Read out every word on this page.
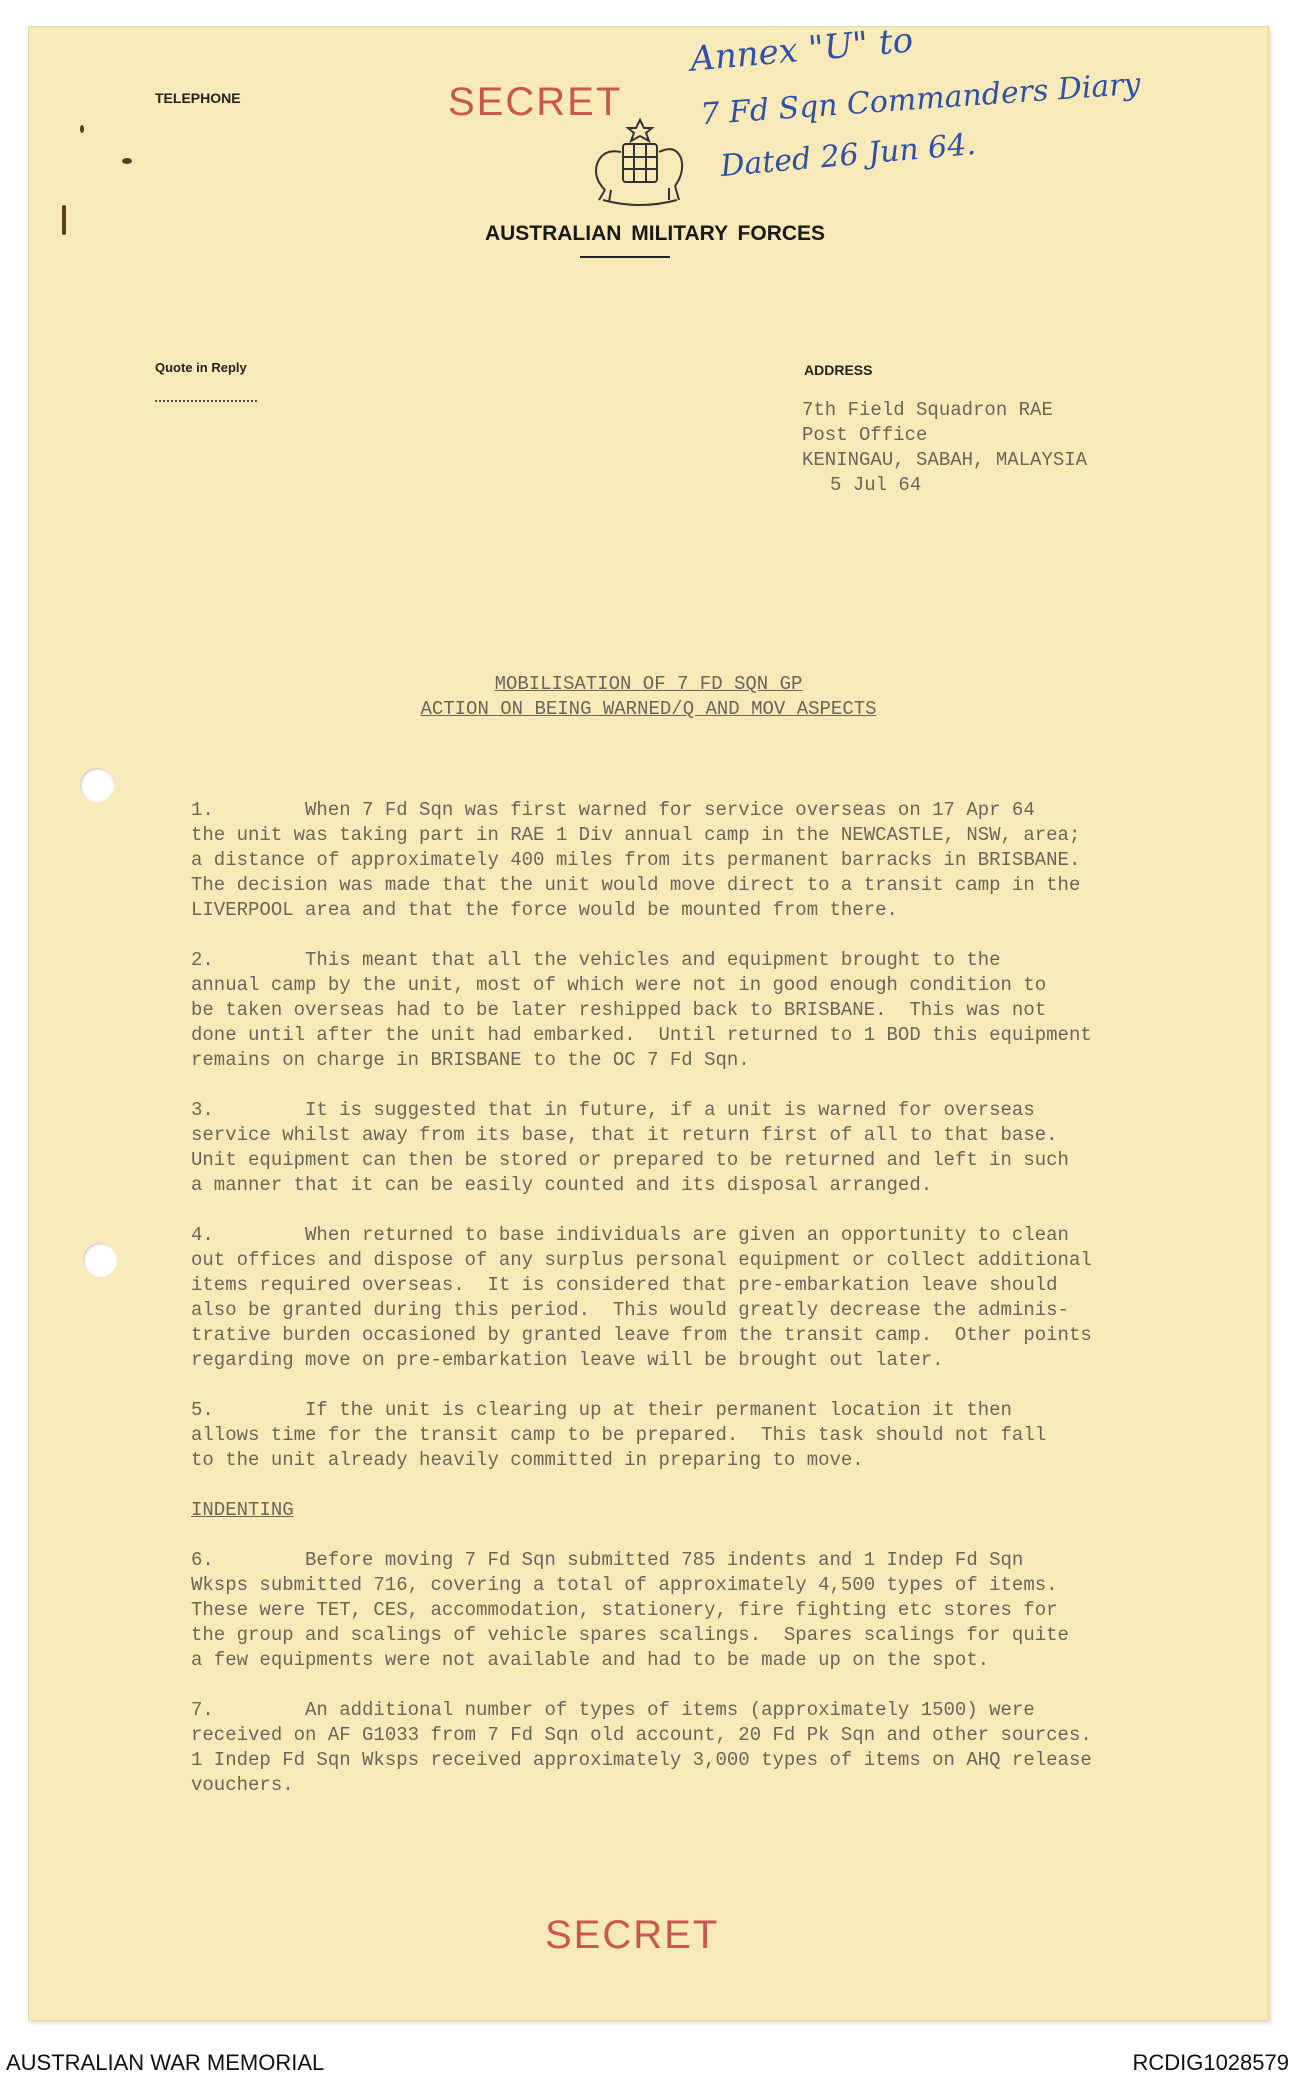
TELEPHONE	SECRET
AUSTRALIAN MILITARY FORCES
Annex "U" to
7 Fd Sqn Commanders Diary
Dated 26 Jun 64.
Quote in Reply	ADDRESS
7th Field Squadron RAE
Post Office
KENINGAU, SABAH, MALAYSIA
5 Jul 64
MOBILISATION OF 7 FD SQN GP
ACTION ON BEING WARNED/Q AND MOV ASPECTS
1.        When 7 Fd Sqn was first warned for service overseas on 17 Apr 64
the unit was taking part in RAE 1 Div annual camp in the NEWCASTLE, NSW, area;
a distance of approximately 400 miles from its permanent barracks in BRISBANE.
The decision was made that the unit would move direct to a transit camp in the
LIVERPOOL area and that the force would be mounted from there.
2.        This meant that all the vehicles and equipment brought to the
annual camp by the unit, most of which were not in good enough condition to
be taken overseas had to be later reshipped back to BRISBANE.  This was not
done until after the unit had embarked.  Until returned to 1 BOD this equipment
remains on charge in BRISBANE to the OC 7 Fd Sqn.
3.        It is suggested that in future, if a unit is warned for overseas
service whilst away from its base, that it return first of all to that base.
Unit equipment can then be stored or prepared to be returned and left in such
a manner that it can be easily counted and its disposal arranged.
4.        When returned to base individuals are given an opportunity to clean
out offices and dispose of any surplus personal equipment or collect additional
items required overseas.  It is considered that pre-embarkation leave should
also be granted during this period.  This would greatly decrease the adminis-
trative burden occasioned by granted leave from the transit camp.  Other points
regarding move on pre-embarkation leave will be brought out later.
5.        If the unit is clearing up at their permanent location it then
allows time for the transit camp to be prepared.  This task should not fall
to the unit already heavily committed in preparing to move.
INDENTING
6.        Before moving 7 Fd Sqn submitted 785 indents and 1 Indep Fd Sqn
Wksps submitted 716, covering a total of approximately 4,500 types of items.
These were TET, CES, accommodation, stationery, fire fighting etc stores for
the group and scalings of vehicle spares scalings.  Spares scalings for quite
a few equipments were not available and had to be made up on the spot.
7.        An additional number of types of items (approximately 1500) were
received on AF G1033 from 7 Fd Sqn old account, 20 Fd Pk Sqn and other sources.
1 Indep Fd Sqn Wksps received approximately 3,000 types of items on AHQ release
vouchers.
SECRET
AUSTRALIAN WAR MEMORIAL	RCDIG1028579
